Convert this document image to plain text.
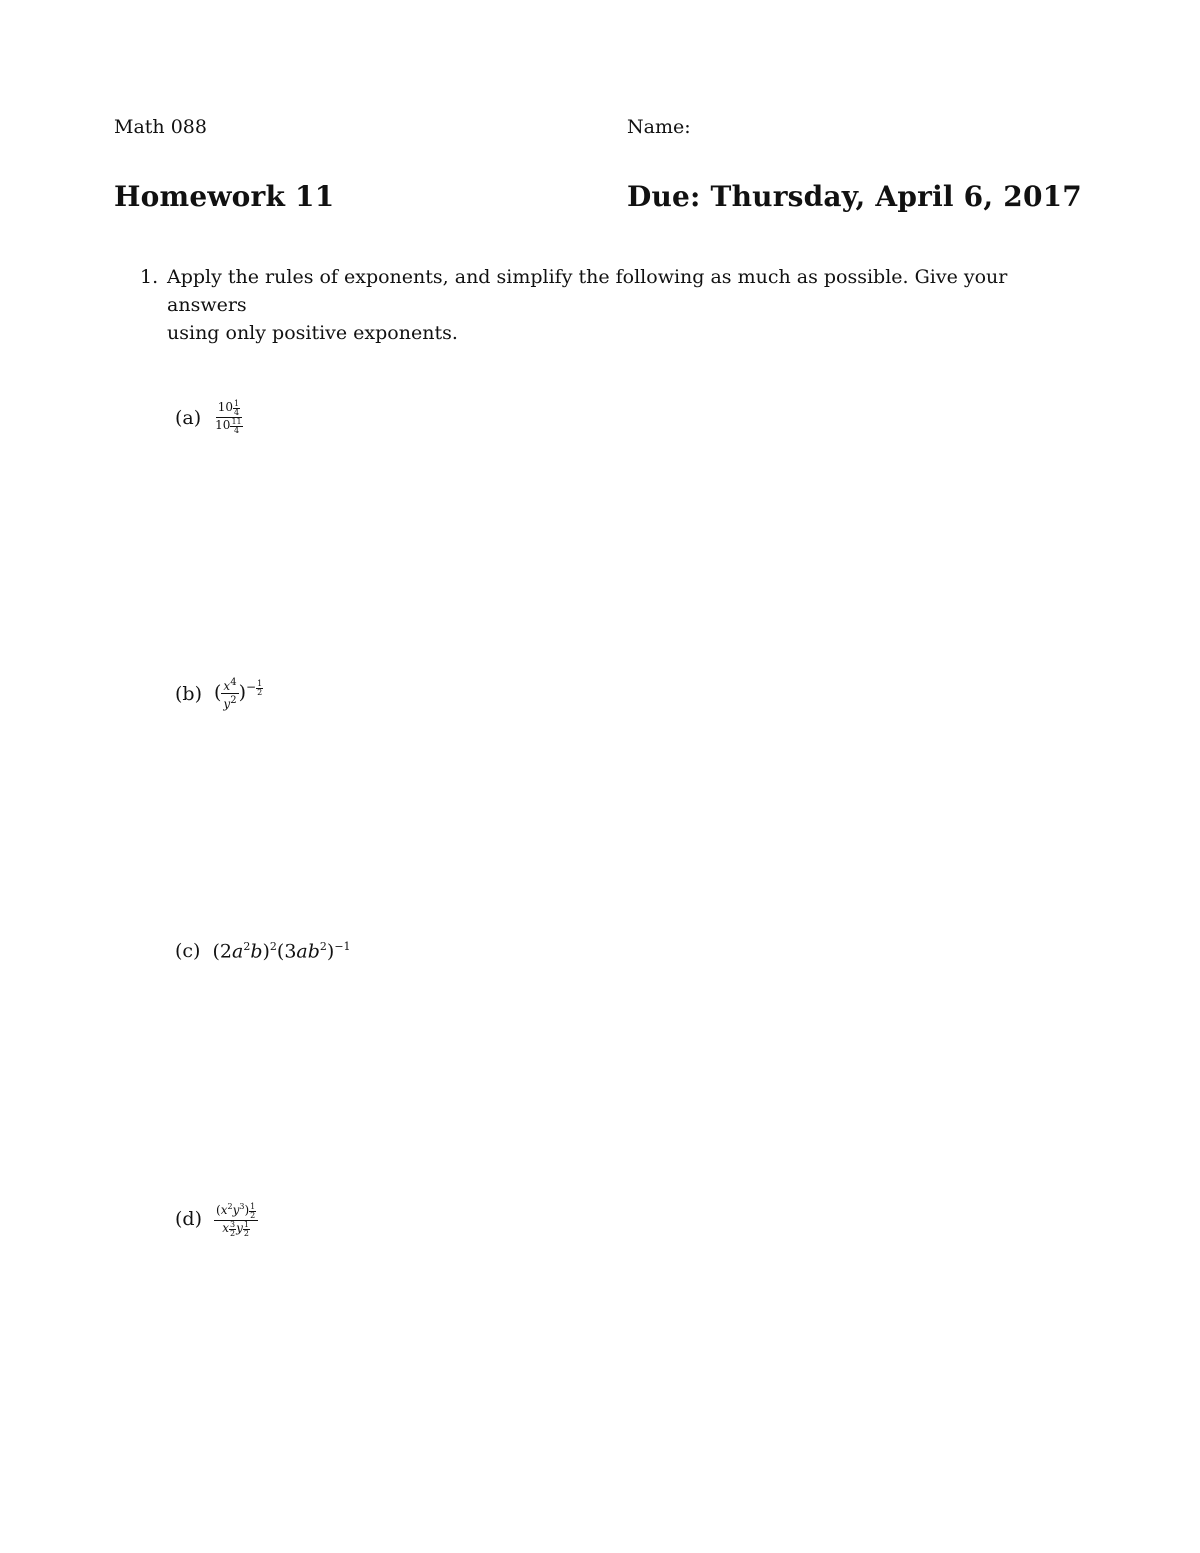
Math 088	Name:
Homework 11	Due: Thursday, April 6, 2017
1. Apply the rules of exponents, and simplify the following as much as possible. Give your answers
using only positive exponents.
$(a) \frac{10 \frac{1}{4}}{10 \frac{11}{4}}$
(b) ( $\frac{x^4}{y^2} )^{- \frac{1}{2}}$
(c) $(2a^2b)^2(3ab^2)^{-1}$
$(d) \frac{(x^2y^3) \frac{1}{2}}{x \frac{3}{2} y \frac{1}{2}}$
